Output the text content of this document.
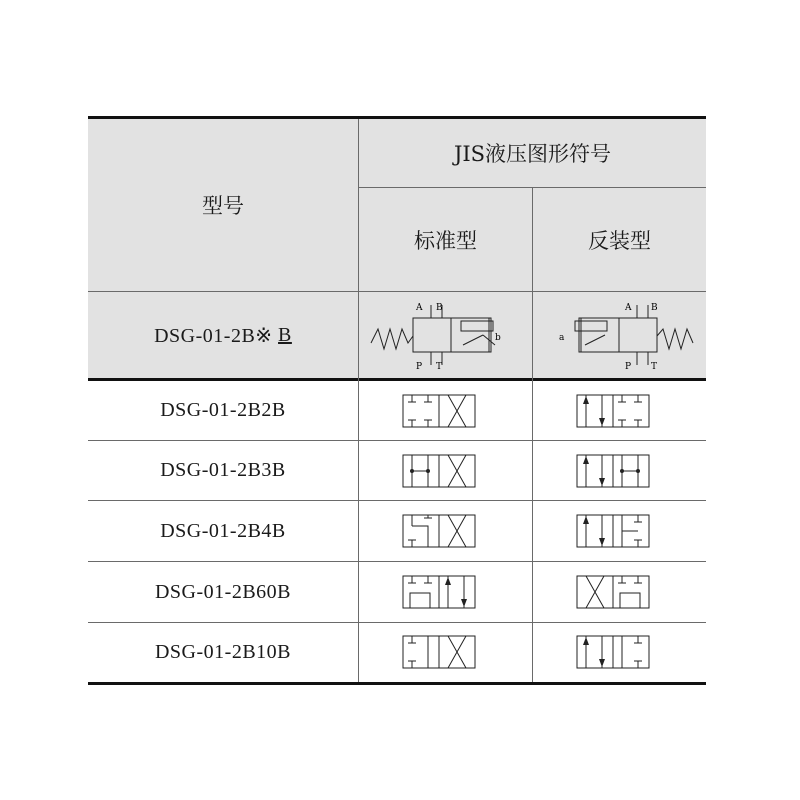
型号
JIS液压图形符号
标准型	反装型
DSG-01-2B※
B
A B
P T
b
A B
P T
a
DSG-01-2B2B
DSG-01-2B3B
DSG-01-2B4B
DSG-01-2B60B
DSG-01-2B10B
